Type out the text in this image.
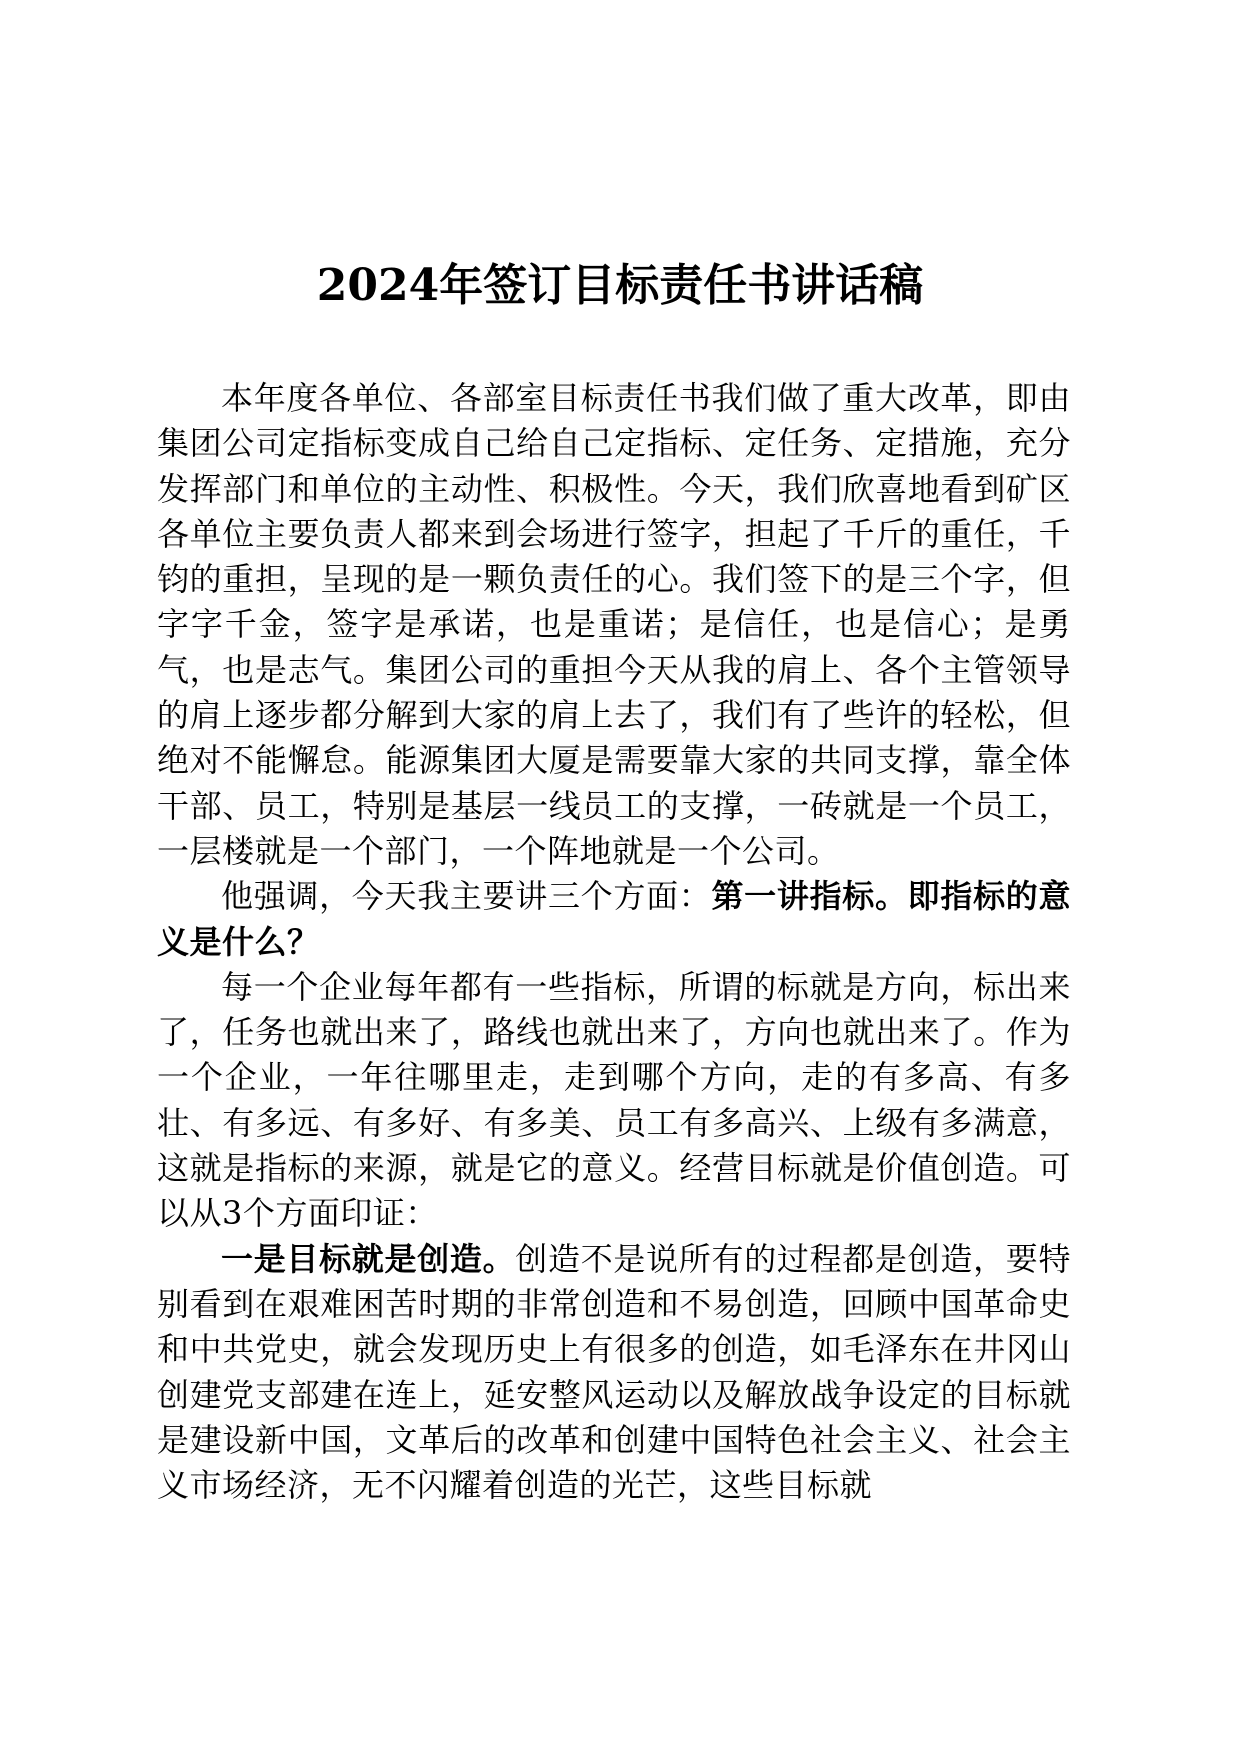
2024年签订目标责任书讲话稿

本年度各单位、各部室目标责任书我们做了重大改革，即由集团公司定指标变成自己给自己定指标、定任务、定措施，充分发挥部门和单位的主动性、积极性。今天，我们欣喜地看到矿区各单位主要负责人都来到会场进行签字，担起了千斤的重任，千钧的重担，呈现的是一颗负责任的心。我们签下的是三个字，但字字千金，签字是承诺，也是重诺；是信任，也是信心；是勇气，也是志气。集团公司的重担今天从我的肩上、各个主管领导的肩上逐步都分解到大家的肩上去了，我们有了些许的轻松，但绝对不能懈怠。能源集团大厦是需要靠大家的共同支撑，靠全体干部、员工，特别是基层一线员工的支撑，一砖就是一个员工，一层楼就是一个部门，一个阵地就是一个公司。

他强调，今天我主要讲三个方面：第一讲指标。即指标的意义是什么？

每一个企业每年都有一些指标，所谓的标就是方向，标出来了，任务也就出来了，路线也就出来了，方向也就出来了。作为一个企业，一年往哪里走，走到哪个方向，走的有多高、有多壮、有多远、有多好、有多美、员工有多高兴、上级有多满意，这就是指标的来源，就是它的意义。经营目标就是价值创造。可以从3个方面印证：

一是目标就是创造。创造不是说所有的过程都是创造，要特别看到在艰难困苦时期的非常创造和不易创造，回顾中国革命史和中共党史，就会发现历史上有很多的创造，如毛泽东在井冈山创建党支部建在连上，延安整风运动以及解放战争设定的目标就是建设新中国，文革后的改革和创建中国特色社会主义、社会主义市场经济，无不闪耀着创造的光芒，这些目标就
